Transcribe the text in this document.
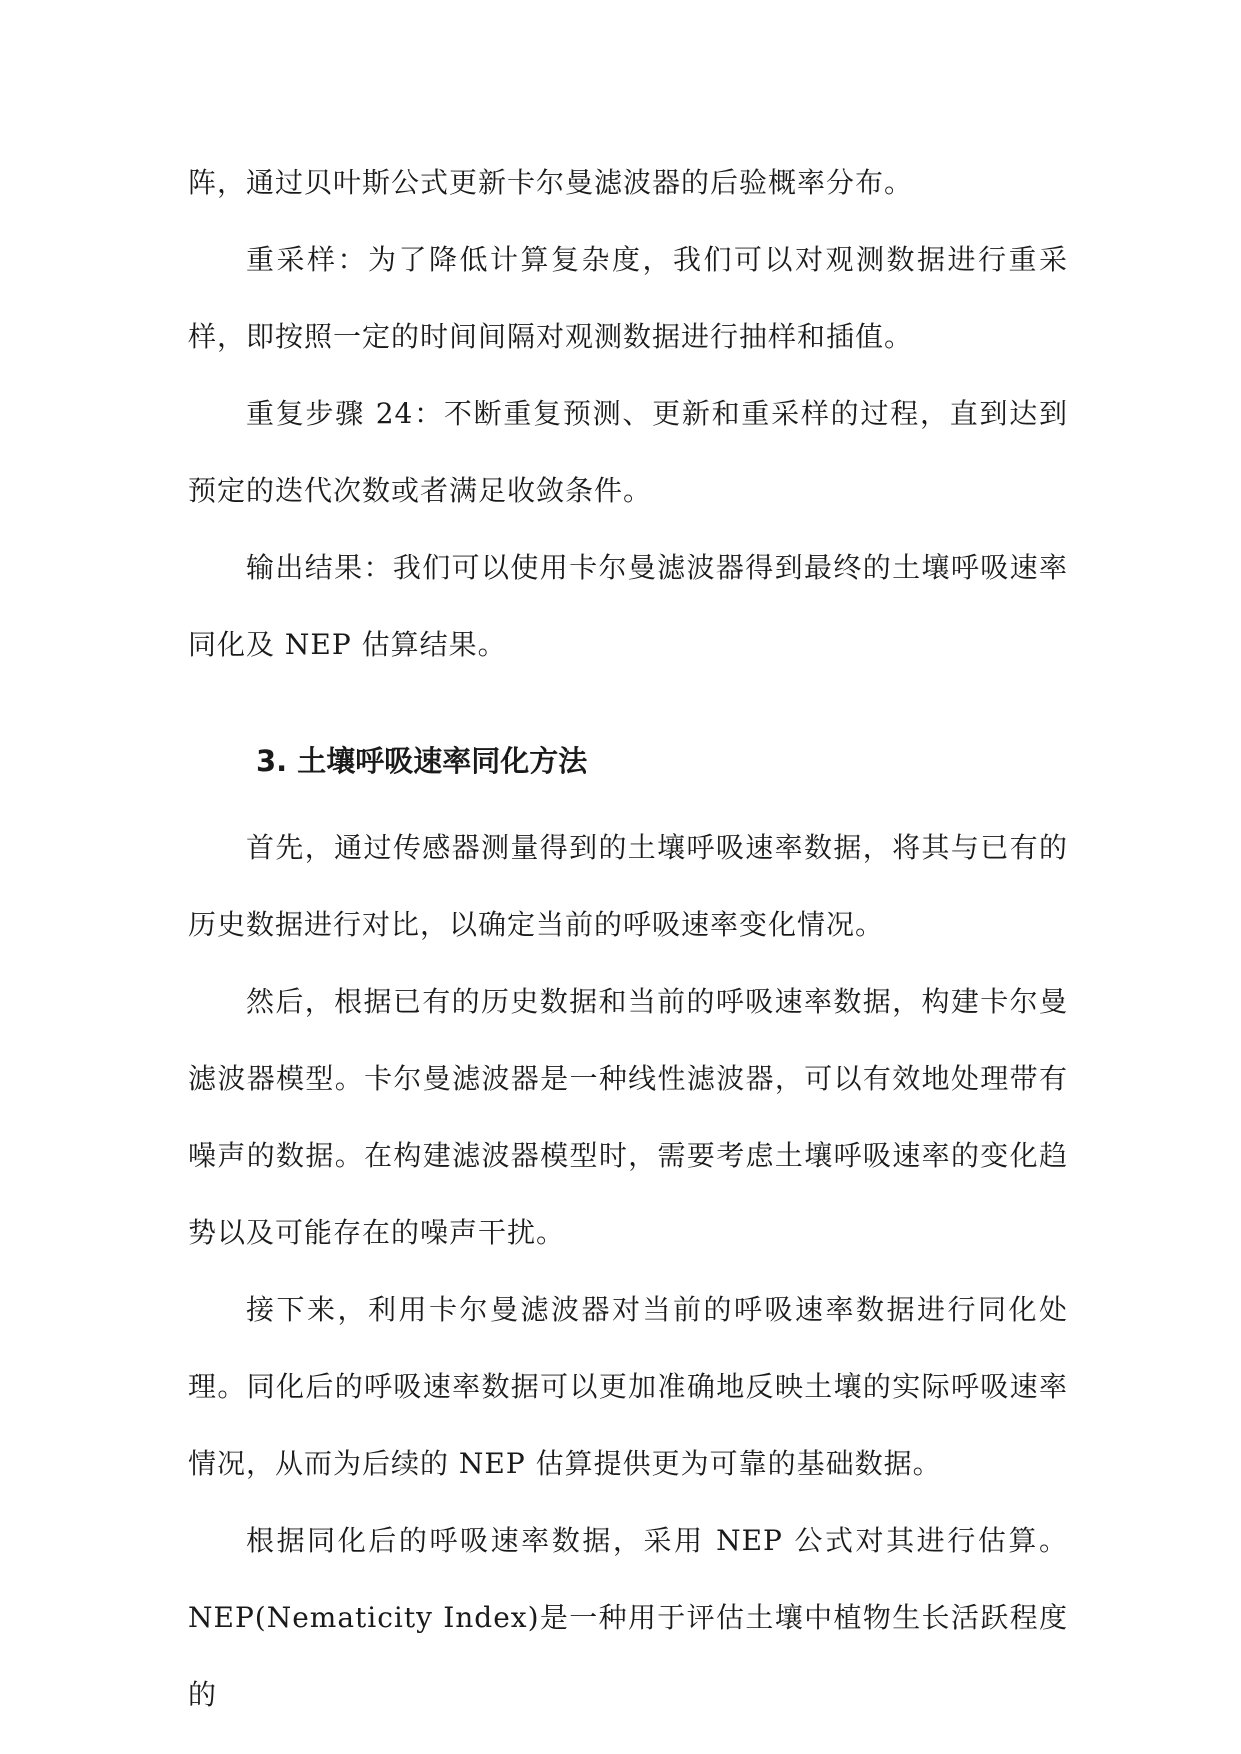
阵，通过贝叶斯公式更新卡尔曼滤波器的后验概率分布。

重采样：为了降低计算复杂度，我们可以对观测数据进行重采样，即按照一定的时间间隔对观测数据进行抽样和插值。

重复步骤 24：不断重复预测、更新和重采样的过程，直到达到预定的迭代次数或者满足收敛条件。

输出结果：我们可以使用卡尔曼滤波器得到最终的土壤呼吸速率同化及 NEP 估算结果。

3. 土壤呼吸速率同化方法

首先，通过传感器测量得到的土壤呼吸速率数据，将其与已有的历史数据进行对比，以确定当前的呼吸速率变化情况。

然后，根据已有的历史数据和当前的呼吸速率数据，构建卡尔曼滤波器模型。卡尔曼滤波器是一种线性滤波器，可以有效地处理带有噪声的数据。在构建滤波器模型时，需要考虑土壤呼吸速率的变化趋势以及可能存在的噪声干扰。

接下来，利用卡尔曼滤波器对当前的呼吸速率数据进行同化处理。同化后的呼吸速率数据可以更加准确地反映土壤的实际呼吸速率情况，从而为后续的 NEP 估算提供更为可靠的基础数据。

根据同化后的呼吸速率数据，采用 NEP 公式对其进行估算。NEP(Nematicity Index)是一种用于评估土壤中植物生长活跃程度的
